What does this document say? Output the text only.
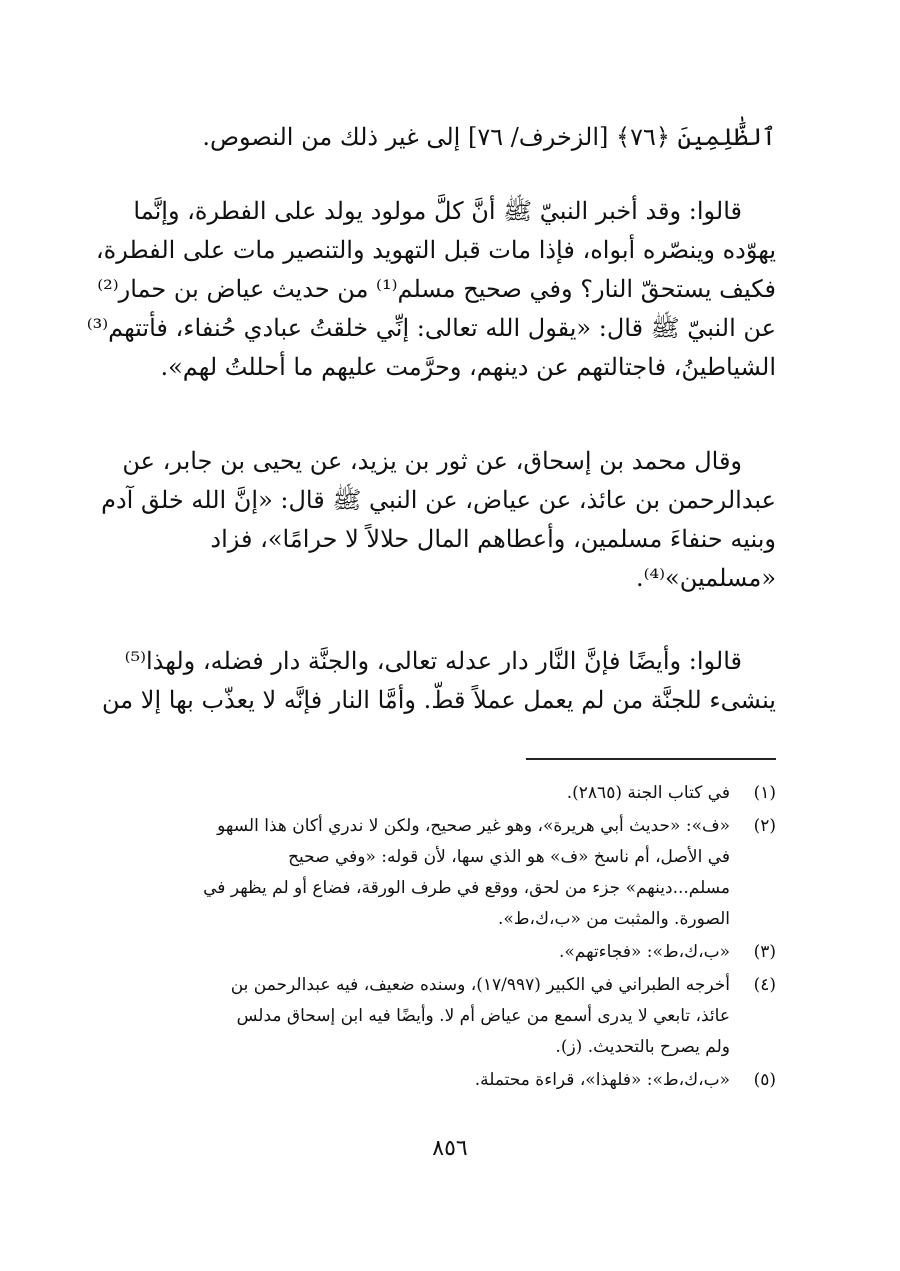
ٱلظَّٰلِمِينَ ﴿٧٦﴾ [الزخرف/ ٧٦] إلى غير ذلك من النصوص.
قالوا: وقد أخبر النبيّ ﷺ أنَّ كلَّ مولود يولد على الفطرة، وإنَّما
يهوّده وينصّره أبواه، فإذا مات قبل التهويد والتنصير مات على الفطرة،
فكيف يستحقّ النار؟ وفي صحيح مسلم⁽¹⁾ من حديث عياض بن حمار⁽²⁾
عن النبيّ ﷺ قال: «يقول الله تعالى: إنِّي خلقتُ عبادي حُنفاء، فأتتهم⁽³⁾
الشياطينُ، فاجتالتهم عن دينهم، وحرَّمت عليهم ما أحللتُ لهم».
وقال محمد بن إسحاق، عن ثور بن يزيد، عن يحيى بن جابر، عن
عبدالرحمن بن عائذ، عن عياض، عن النبي ﷺ قال: «إنَّ الله خلق آدم
وبنيه حنفاءَ مسلمين، وأعطاهم المال حلالاً لا حرامًا»، فزاد
«مسلمين»⁽⁴⁾.
قالوا: وأيضًا فإنَّ النَّار دار عدله تعالى، والجنَّة دار فضله، ولهذا⁽⁵⁾
ينشىء للجنَّة من لم يعمل عملاً قطّ. وأمَّا النار فإنَّه لا يعذّب بها إلا من
(١)
في كتاب الجنة (٢٨٦٥).
(٢)
«ف»: «حديث أبي هريرة»، وهو غير صحيح، ولكن لا ندري أكان هذا السهو
في الأصل، أم ناسخ «ف» هو الذي سها، لأن قوله: «وفي صحيح
مسلم...دينهم» جزء من لحق، ووقع في طرف الورقة، فضاع أو لم يظهر في
الصورة. والمثبت من «ب،ك،ط».
(٣)
«ب،ك،ط»: «فجاءتهم».
(٤)
أخرجه الطبراني في الكبير (١٧/٩٩٧)، وسنده ضعيف، فيه عبدالرحمن بن
عائذ، تابعي لا يدرى أسمع من عياض أم لا. وأيضًا فيه ابن إسحاق مدلس
ولم يصرح بالتحديث. (ز).
(٥)
«ب،ك،ط»: «فلهذا»، قراءة محتملة.
٨٥٦
